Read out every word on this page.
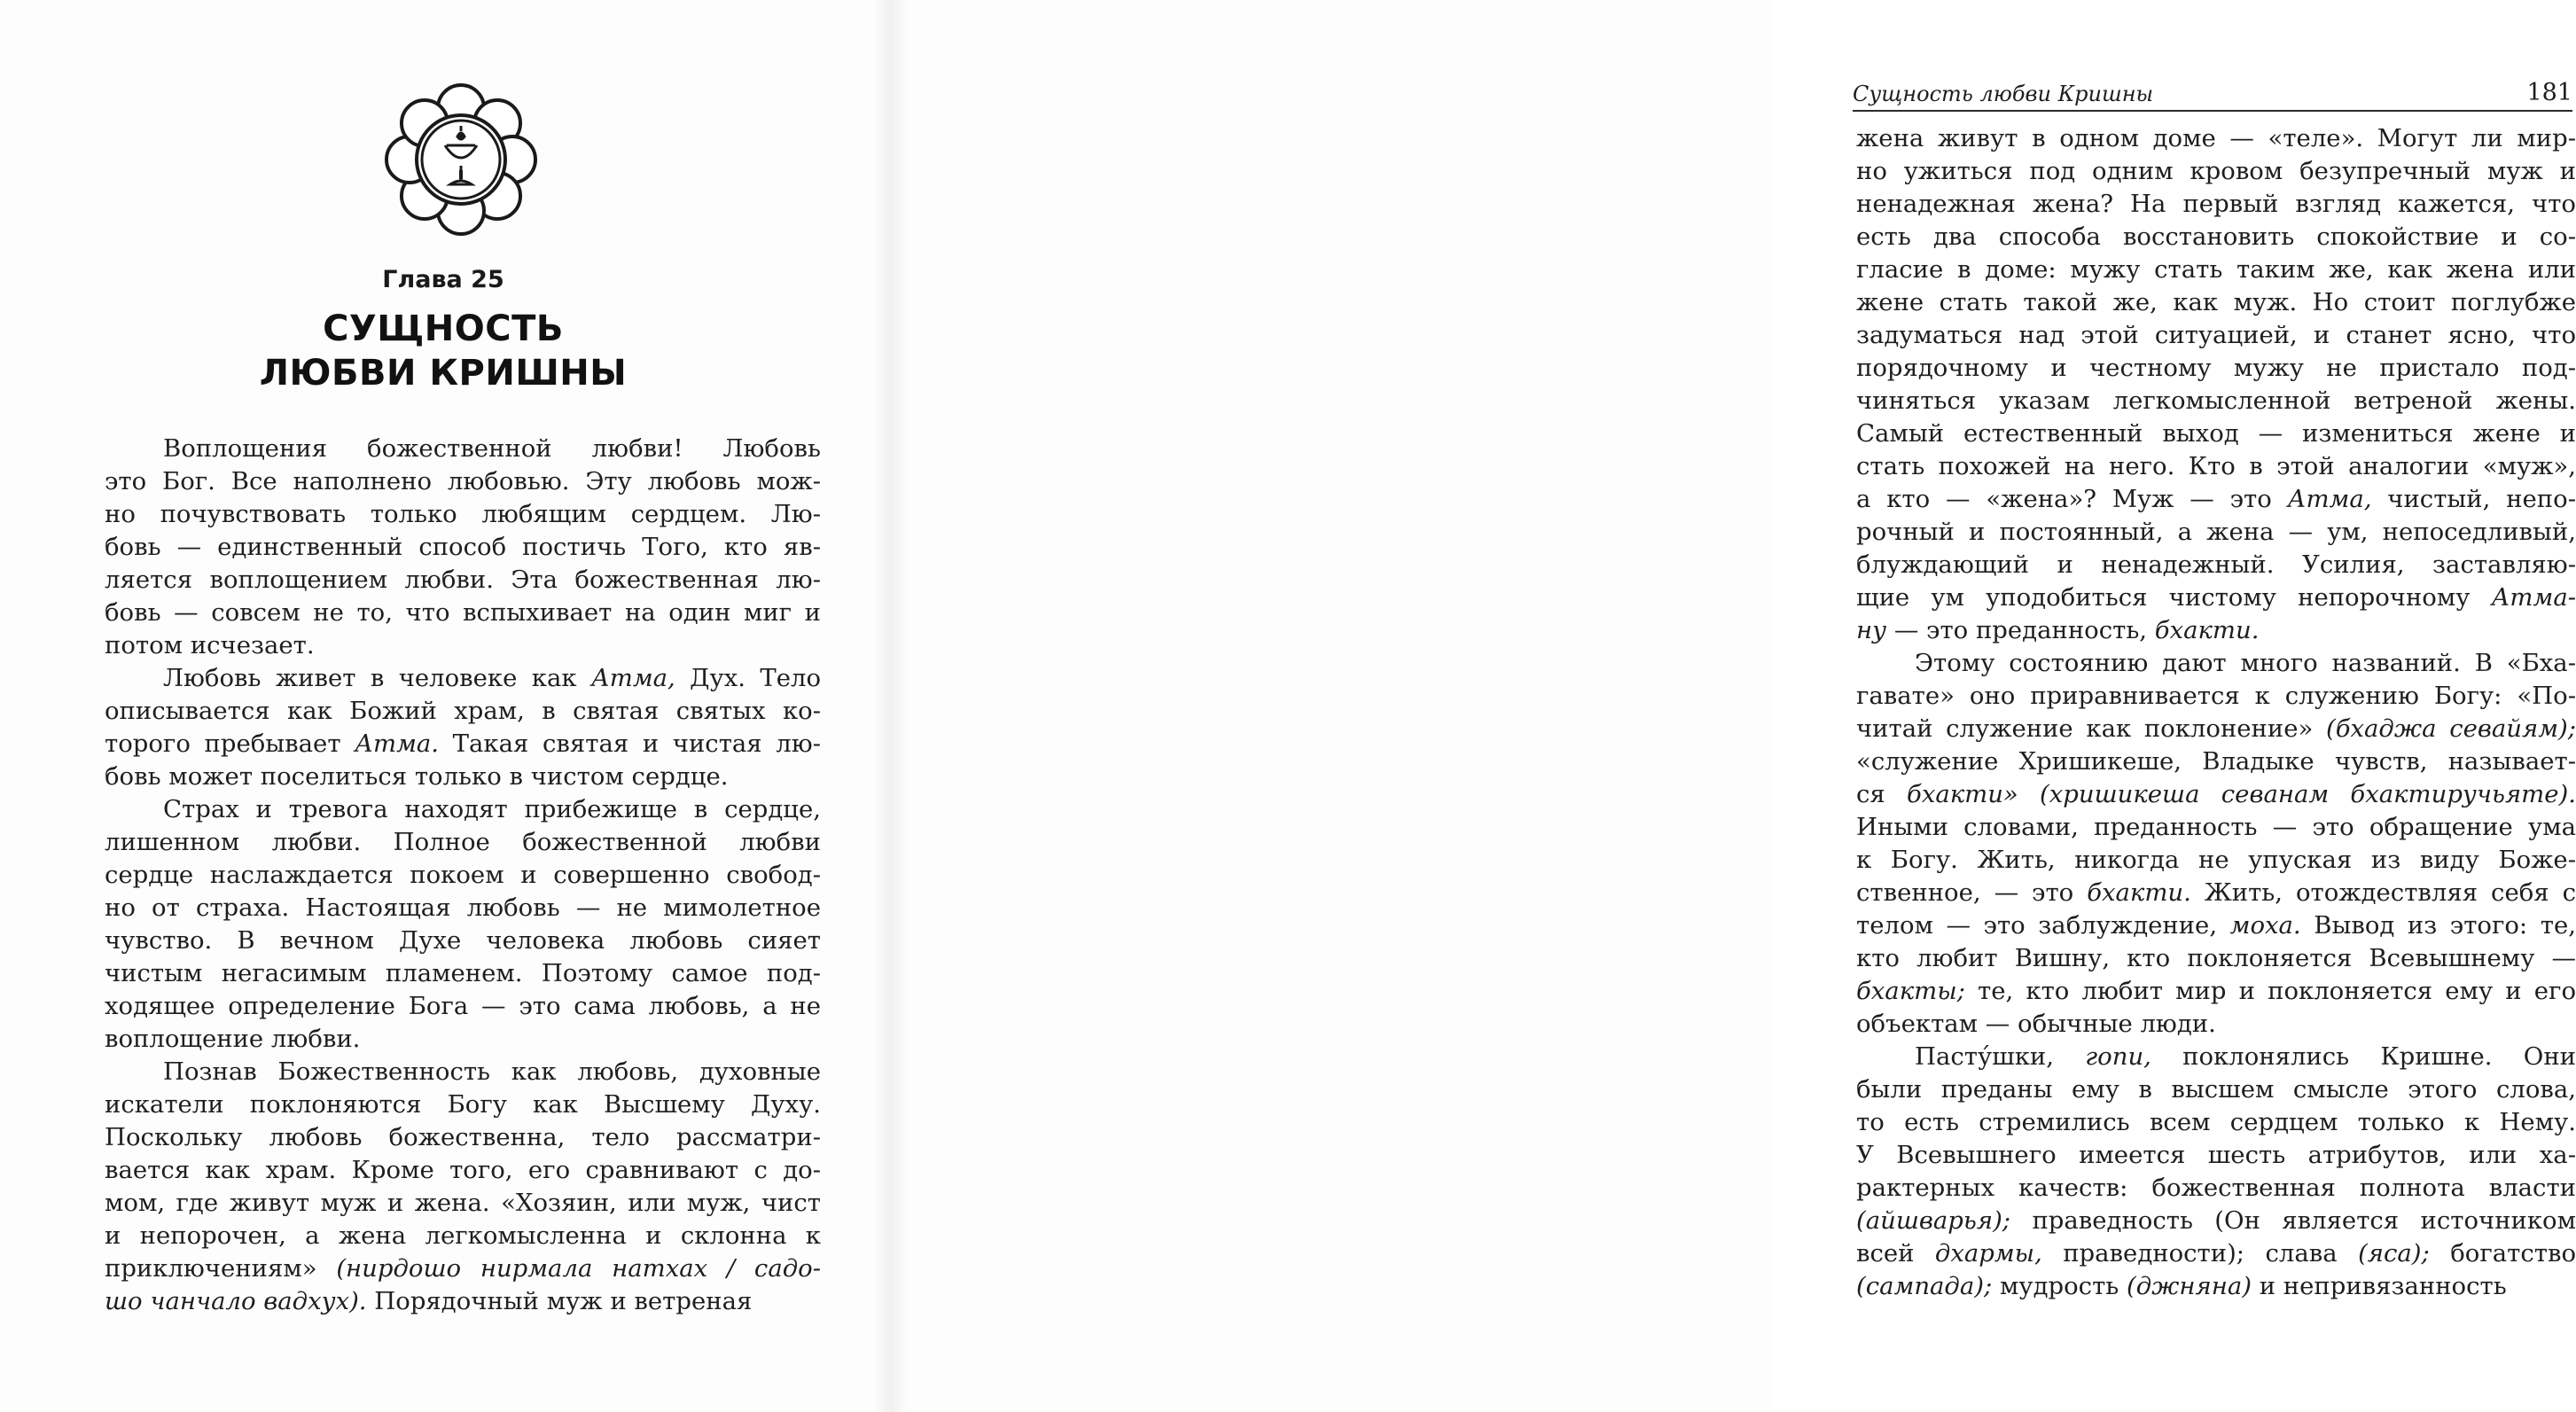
Глава 25
СУЩНОСТЬ
ЛЮБВИ КРИШНЫ

Воплощения божественной любви! Любовь
это Бог. Все наполнено любовью. Эту любовь мож-
но почувствовать только любящим сердцем. Лю-
бовь — единственный способ постичь Того, кто яв-
ляется воплощением любви. Эта божественная лю-
бовь — совсем не то, что вспыхивает на один миг и
потом исчезает.

Любовь живет в человеке как Атма, Дух. Тело
описывается как Божий храм, в святая святых ко-
торого пребывает Атма. Такая святая и чистая лю-
бовь может поселиться только в чистом сердце.

Страх и тревога находят прибежище в сердце,
лишенном любви. Полное божественной любви
сердце наслаждается покоем и совершенно свобод-
но от страха. Настоящая любовь — не мимолетное
чувство. В вечном Духе человека любовь сияет
чистым негасимым пламенем. Поэтому самое под-
ходящее определение Бога — это сама любовь, а не
воплощение любви.

Познав Божественность как любовь, духовные
искатели поклоняются Богу как Высшему Духу.
Поскольку любовь божественна, тело рассматри-
вается как храм. Кроме того, его сравнивают с до-
мом, где живут муж и жена. «Хозяин, или муж, чист
и непорочен, а жена легкомысленна и склонна к
приключениям» (нирдошо нирмала натхах / садо-
шо чанчало вадхух). Порядочный муж и ветреная

Сущность любви Кришны	181

жена живут в одном доме — «теле». Могут ли мир-
но ужиться под одним кровом безупречный муж и
ненадежная жена? На первый взгляд кажется, что
есть два способа восстановить спокойствие и со-
гласие в доме: мужу стать таким же, как жена или
жене стать такой же, как муж. Но стоит поглубже
задуматься над этой ситуацией, и станет ясно, что
порядочному и честному мужу не пристало под-
чиняться указам легкомысленной ветреной жены.
Самый естественный выход — измениться жене и
стать похожей на него. Кто в этой аналогии «муж»,
а кто — «жена»? Муж — это Атма, чистый, непо-
рочный и постоянный, а жена — ум, непоседливый,
блуждающий и ненадежный. Усилия, заставляю-
щие ум уподобиться чистому непорочному Атма-
ну — это преданность, бхакти.

Этому состоянию дают много названий. В «Бха-
гавате» оно приравнивается к служению Богу: «По-
читай служение как поклонение» (бхаджа севайям);
«служение Хришикеше, Владыке чувств, называет-
ся бхакти» (хришикеша севанам бхактиручьяте).
Иными словами, преданность — это обращение ума
к Богу. Жить, никогда не упуская из виду Боже-
ственное, — это бхакти. Жить, отождествляя себя с
телом — это заблуждение, моха. Вывод из этого: те,
кто любит Вишну, кто поклоняется Всевышнему —
бхакты; те, кто любит мир и поклоняется ему и его
объектам — обычные люди.

Пасту́шки, гопи, поклонялись Кришне. Они
были преданы ему в высшем смысле этого слова,
то есть стремились всем сердцем только к Нему.
У Всевышнего имеется шесть атрибутов, или ха-
рактерных качеств: божественная полнота власти
(айшварья); праведность (Он является источником
всей дхармы, праведности); слава (яса); богатство
(сампада); мудрость (джняна) и непривязанность
